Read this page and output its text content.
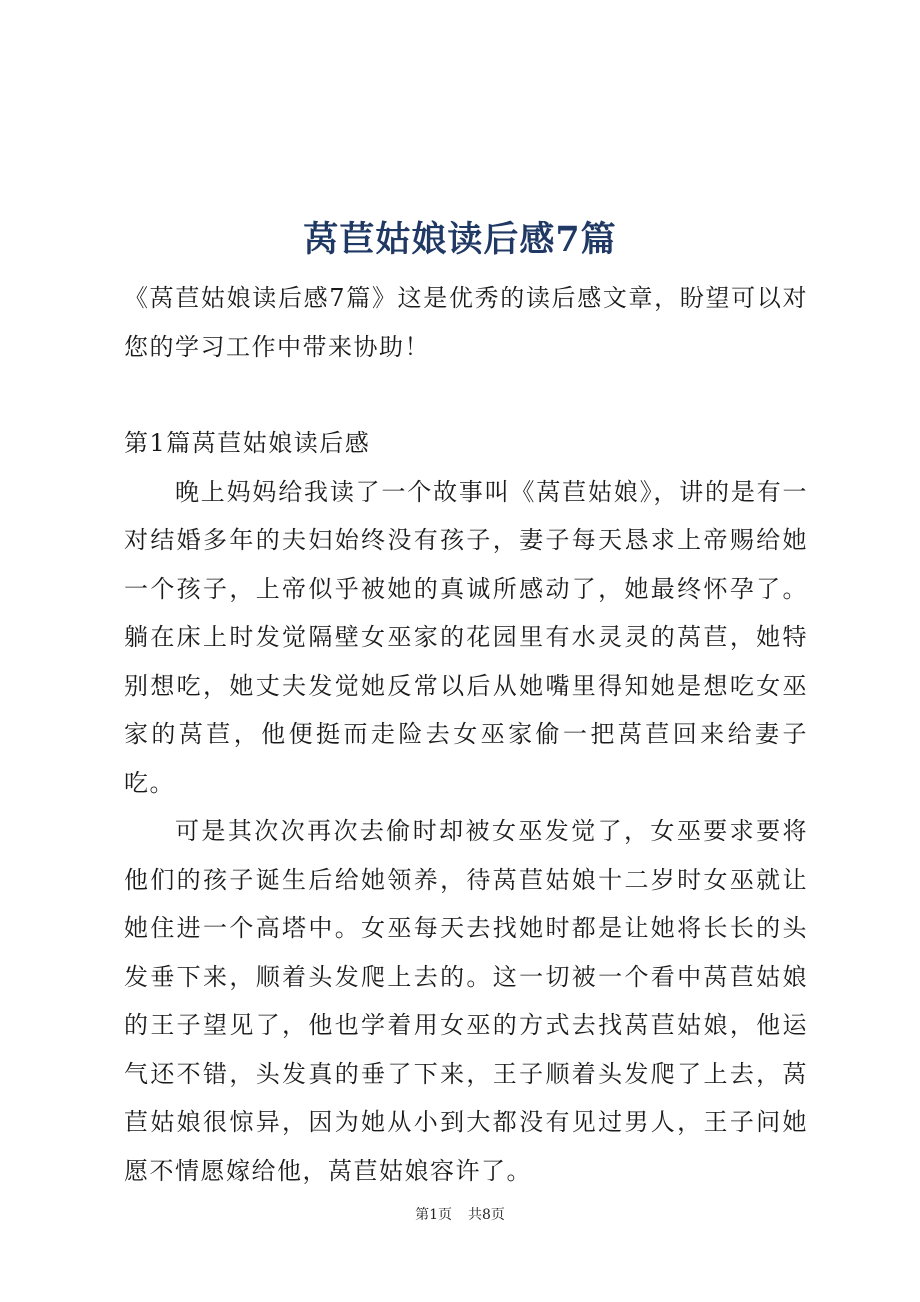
莴苣姑娘读后感7篇

《莴苣姑娘读后感7篇》这是优秀的读后感文章，盼望可以对您的学习工作中带来协助！

第1篇莴苣姑娘读后感

晚上妈妈给我读了一个故事叫《莴苣姑娘》，讲的是有一对结婚多年的夫妇始终没有孩子，妻子每天恳求上帝赐给她一个孩子，上帝似乎被她的真诚所感动了，她最终怀孕了。躺在床上时发觉隔壁女巫家的花园里有水灵灵的莴苣，她特别想吃，她丈夫发觉她反常以后从她嘴里得知她是想吃女巫家的莴苣，他便挺而走险去女巫家偷一把莴苣回来给妻子吃。

可是其次次再次去偷时却被女巫发觉了，女巫要求要将他们的孩子诞生后给她领养，待莴苣姑娘十二岁时女巫就让她住进一个高塔中。女巫每天去找她时都是让她将长长的头发垂下来，顺着头发爬上去的。这一切被一个看中莴苣姑娘的王子望见了，他也学着用女巫的方式去找莴苣姑娘，他运气还不错，头发真的垂了下来，王子顺着头发爬了上去，莴苣姑娘很惊异，因为她从小到大都没有见过男人，王子问她愿不情愿嫁给他，莴苣姑娘容许了。

第1页 共8页
